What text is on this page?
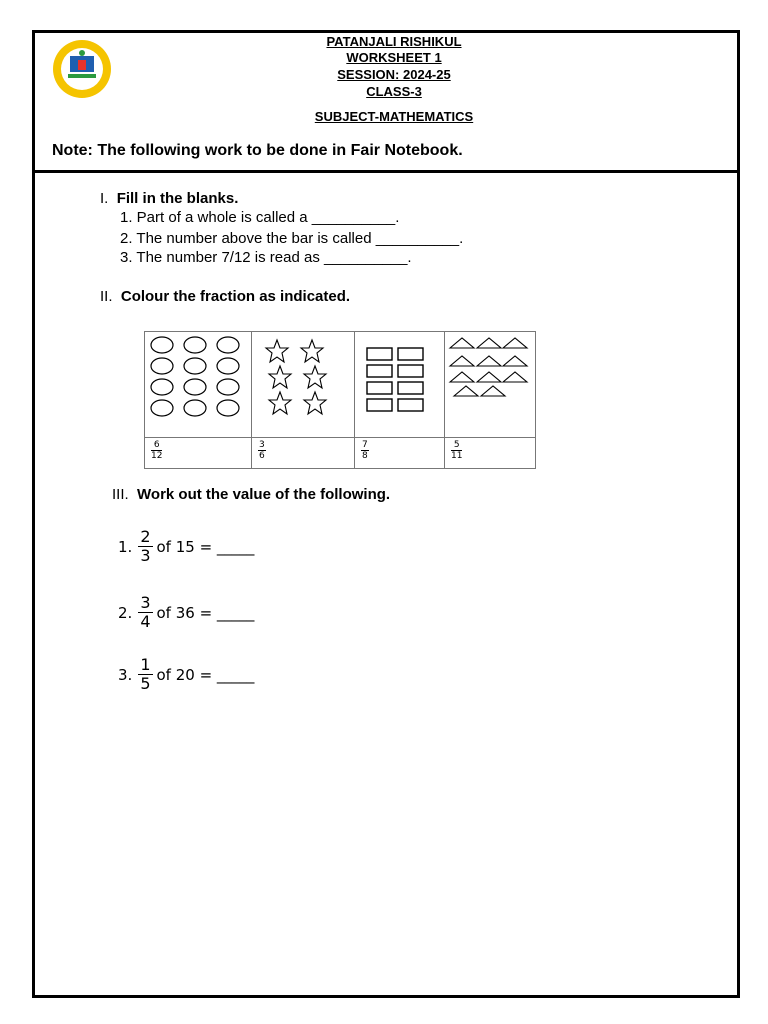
PATANJALI RISHIKUL
WORKSHEET 1
SESSION: 2024-25
CLASS-3
SUBJECT-MATHEMATICS
Note: The following work to be done in Fair Notebook.
I. Fill in the blanks.
1. Part of a whole is called a __________.
2. The number above the bar is called __________.
3. The number 7/12 is read as __________.
II. Colour the fraction as indicated.

$\frac{6}{12}$	$\frac{3}{6}$	$\frac{7}{8}$	$\frac{5}{11}$
III. Work out the value of the following.
1.
2
3 of 15 = _____
2.
3
4 of 36 = _____
3.
1
5 of 20 = _____
